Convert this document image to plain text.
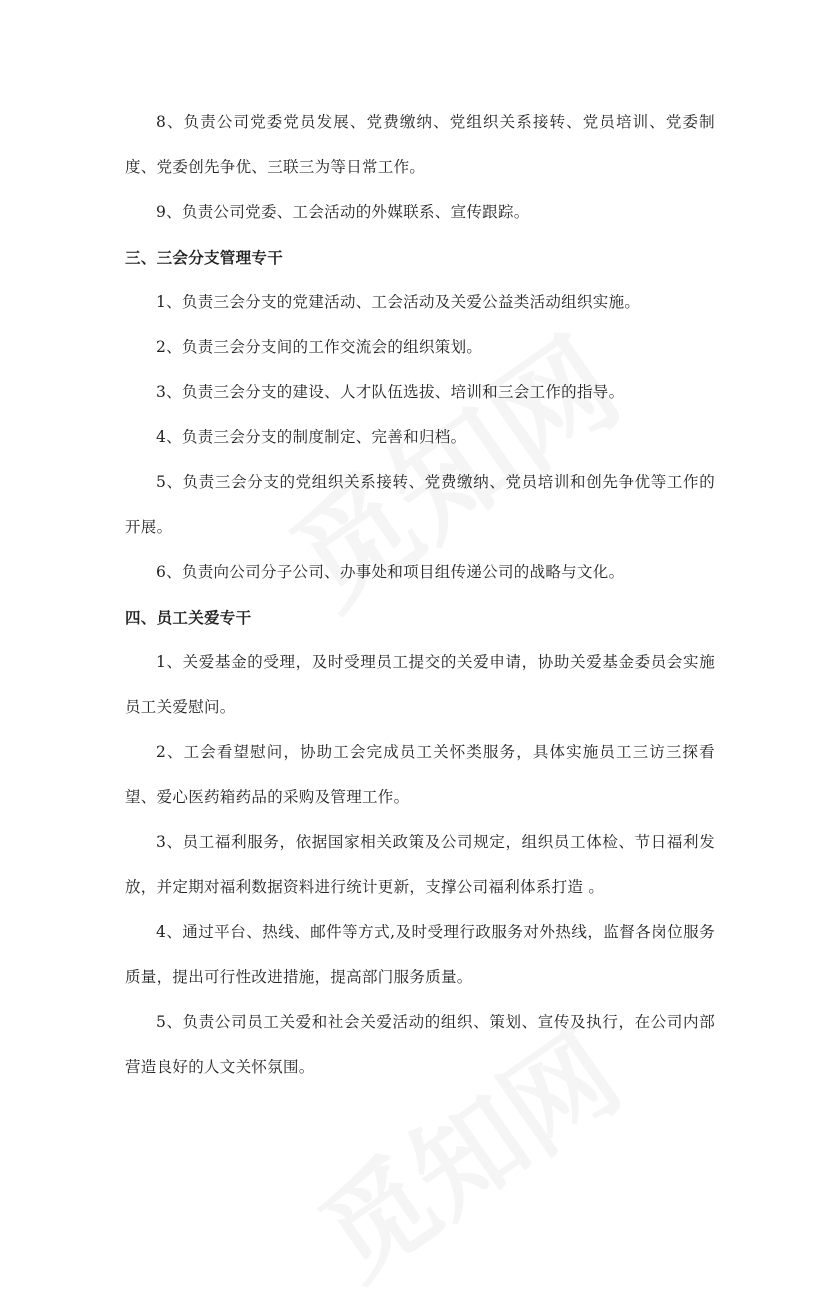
8、负责公司党委党员发展、党费缴纳、党组织关系接转、党员培训、党委制度、党委创先争优、三联三为等日常工作。

9、负责公司党委、工会活动的外媒联系、宣传跟踪。

三、三会分支管理专干

1、负责三会分支的党建活动、工会活动及关爱公益类活动组织实施。

2、负责三会分支间的工作交流会的组织策划。

3、负责三会分支的建设、人才队伍选拔、培训和三会工作的指导。

4、负责三会分支的制度制定、完善和归档。

5、负责三会分支的党组织关系接转、党费缴纳、党员培训和创先争优等工作的开展。

6、负责向公司分子公司、办事处和项目组传递公司的战略与文化。

四、员工关爱专干

1、关爱基金的受理，及时受理员工提交的关爱申请，协助关爱基金委员会实施员工关爱慰问。

2、工会看望慰问，协助工会完成员工关怀类服务，具体实施员工三访三探看望、爱心医药箱药品的采购及管理工作。

3、员工福利服务，依据国家相关政策及公司规定，组织员工体检、节日福利发放，并定期对福利数据资料进行统计更新，支撑公司福利体系打造 。

4、通过平台、热线、邮件等方式,及时受理行政服务对外热线，监督各岗位服务质量，提出可行性改进措施，提高部门服务质量。

5、负责公司员工关爱和社会关爱活动的组织、策划、宣传及执行，在公司内部营造良好的人文关怀氛围。
